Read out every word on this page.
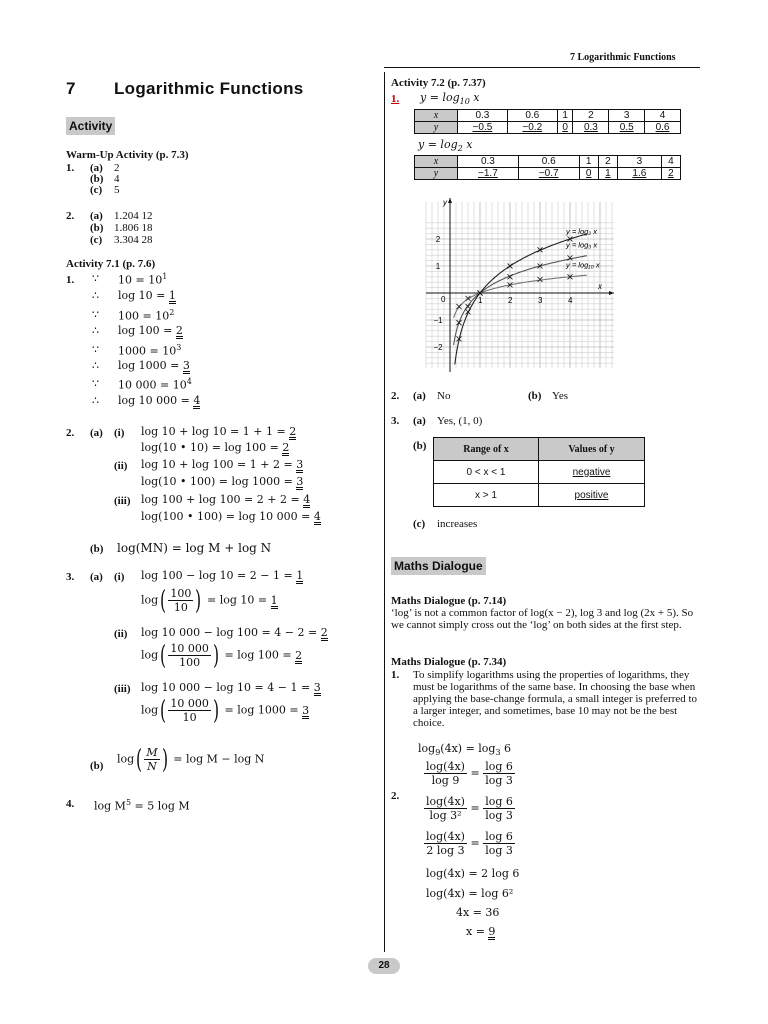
7 Logarithmic Functions
7 Logarithmic Functions
Activity
Warm-Up Activity (p. 7.3)
1. (a) 2
(b) 4
(c) 5
2. (a) 1.204 12
(b) 1.806 18
(c) 3.304 28
Activity 7.1 (p. 7.6)
1. ∵ $10 = 10^1$
∴ log 10 = 1
∵ $100 = 10^2$
∴ log 100 = 2
∵ $1000 = 10^3$
∴ log 1000 = 3
∵ 10 $000 = 10^4$
∴ log 10 000 = 4
2. (a) (i) log 10 + log 10 = 1 + 1 = 2
log(10 • 10) = log 100 = 2
(ii) log 10 + log 100 = 1 + 2 = 3
log(10 • 100) = log 1000 = 3
(iii) log 100 + log 100 = 2 + 2 = 4
log(100 • 100) = log 10 000 = 4
(b) log(MN) = log M + log N
3. (a) (i) log 100 − log 10 = 2 − 1 = 1
$\log( \frac{100}{10}$ ) = log 10 = 1
(ii) log 10 000 − log 100 = 4 − 2 = 2
$\log( \frac{10 000}{100}$ ) = log 100 = 2
(iii) log 10 000 − log 10 = 4 − 1 = 3
$\log( \frac{10 000}{10}$ ) = log 1000 = 3
(b)
$\log( \frac{M}{N}$ ) = log M − log N
4. $\log M^5 = 5$ log M
Activity 7.2 (p. 7.37)
1. $y = \log_{10} x$
x	0.3	0.6	1	2	3	4
y	−0.5	−0.2	0	0.3	0.5	0.6
$y = \log_2 x$
x	0.3	0.6	1	2	3	4
y	−1.7	−0.7	0	1	1.6	2
x
y
0	1	2	3	4
2
1
−1
−2
y = log₂ x
y = log₃ x
y = log₁₀ x
2. (a) No	(b) Yes
3. (a) Yes, (1, 0)
(b)	Range of x	Values of y
0 < x < 1	negative
x > 1	positive
(c) increases
Maths Dialogue
Maths Dialogue (p. 7.14)
‘log’ is not a common factor of log(x − 2), log 3 and log (2x + 5). So we cannot simply cross out the ‘log’ on both sides at the first step.
Maths Dialogue (p. 7.34)
1. To simplify logarithms using the properties of logarithms, they must be logarithms of the same base. In choosing the base when applying the base-change formula, a small integer is preferred to a larger integer, and sometimes, base 10 may not be the best choice.
$\log_9(4x) = \log_3 6$
2.
$\frac{\log(4x)}{\log 9} = \frac{\log 6}{\log 3}$
$\frac{\log(4x)}{\text{log 3²}} = \frac{\log 6}{\log 3}$
$\frac{\log(4x)}{2 \log 3} = \frac{\log 6}{\log 3}$
log(4x) = 2 log 6
log(4x) = log 6²
4x = 36
x = 9
28
